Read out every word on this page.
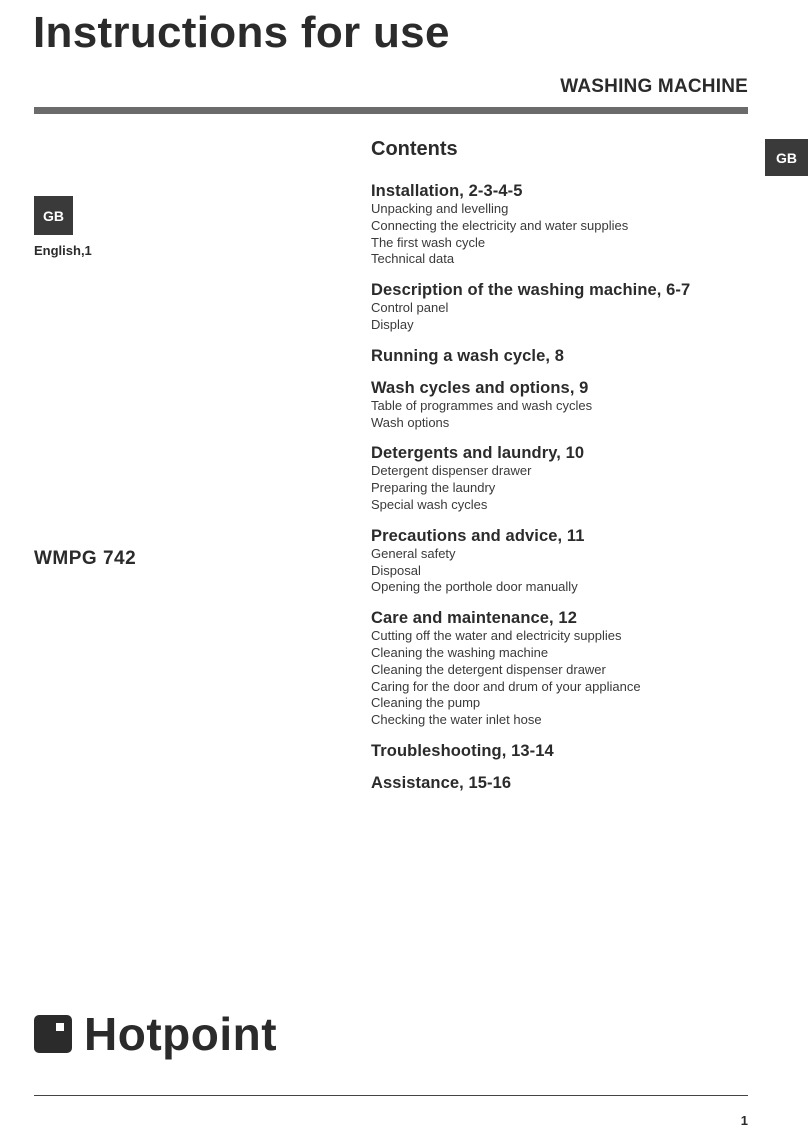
Instructions for use
WASHING MACHINE
GB
GB
English,1
WMPG 742
Contents
Installation, 2-3-4-5
Unpacking and levelling
Connecting the electricity and water supplies
The first wash cycle
Technical data
Description of the washing machine, 6-7
Control panel
Display
Running a wash cycle, 8
Wash cycles and options, 9
Table of programmes and wash cycles
Wash options
Detergents and laundry, 10
Detergent dispenser drawer
Preparing the laundry
Special wash cycles
Precautions and advice, 11
General safety
Disposal
Opening the porthole door manually
Care and maintenance, 12
Cutting off the water and electricity supplies
Cleaning the washing machine
Cleaning the detergent dispenser drawer
Caring for the door and drum of your appliance
Cleaning the pump
Checking the water inlet hose
Troubleshooting, 13-14
Assistance, 15-16
Hotpoint
1
